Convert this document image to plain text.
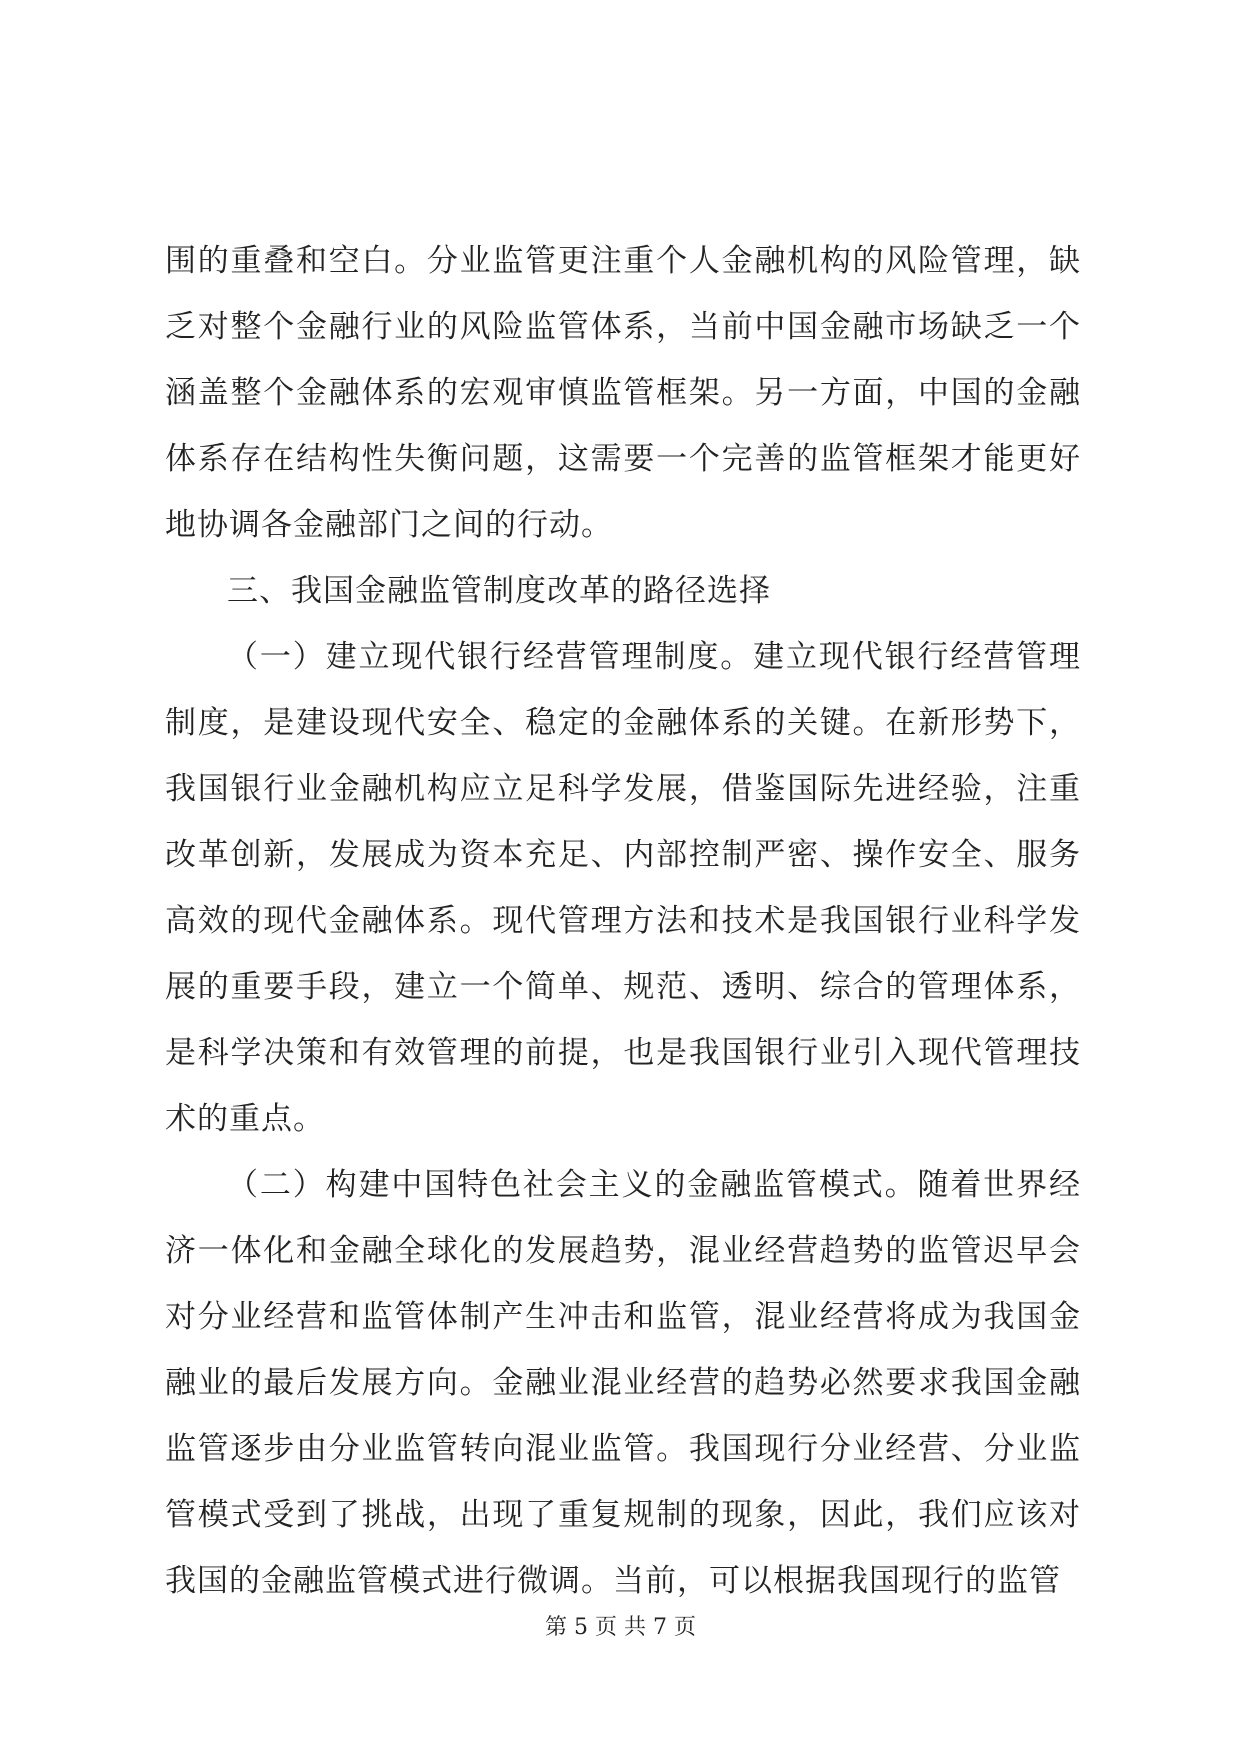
围的重叠和空白。分业监管更注重个人金融机构的风险管理，缺乏对整个金融行业的风险监管体系，当前中国金融市场缺乏一个涵盖整个金融体系的宏观审慎监管框架。另一方面，中国的金融体系存在结构性失衡问题，这需要一个完善的监管框架才能更好地协调各金融部门之间的行动。

三、我国金融监管制度改革的路径选择

（一）建立现代银行经营管理制度。建立现代银行经营管理制度，是建设现代安全、稳定的金融体系的关键。在新形势下，我国银行业金融机构应立足科学发展，借鉴国际先进经验，注重改革创新，发展成为资本充足、内部控制严密、操作安全、服务高效的现代金融体系。现代管理方法和技术是我国银行业科学发展的重要手段，建立一个简单、规范、透明、综合的管理体系，是科学决策和有效管理的前提，也是我国银行业引入现代管理技术的重点。

（二）构建中国特色社会主义的金融监管模式。随着世界经济一体化和金融全球化的发展趋势，混业经营趋势的监管迟早会对分业经营和监管体制产生冲击和监管，混业经营将成为我国金融业的最后发展方向。金融业混业经营的趋势必然要求我国金融监管逐步由分业监管转向混业监管。我国现行分业经营、分业监管模式受到了挑战，出现了重复规制的现象，因此，我们应该对我国的金融监管模式进行微调。当前，可以根据我国现行的监管

第 5 页 共 7 页
